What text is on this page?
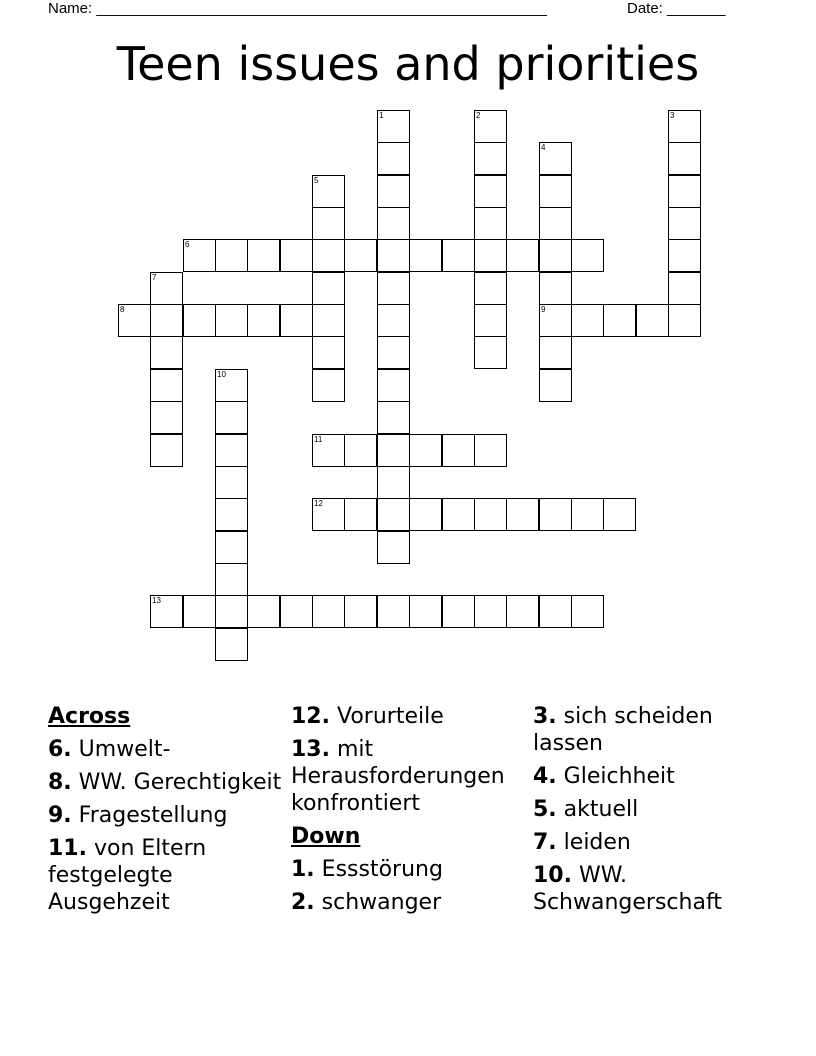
Name: ______________________________________________________	Date: _______
Teen issues and priorities
1	2	3
4
9
5
6
7
8
10
11
12
13
Across
6. Umwelt-
8. WW. Gerechtigkeit
9. Fragestellung
11. von Eltern festgelegte Ausgehzeit
12. Vorurteile
13. mit Herausforderungen konfrontiert
Down
1. Essstörung
2. schwanger
3. sich scheiden lassen
4. Gleichheit
5. aktuell
7. leiden
10. WW. Schwangerschaft
